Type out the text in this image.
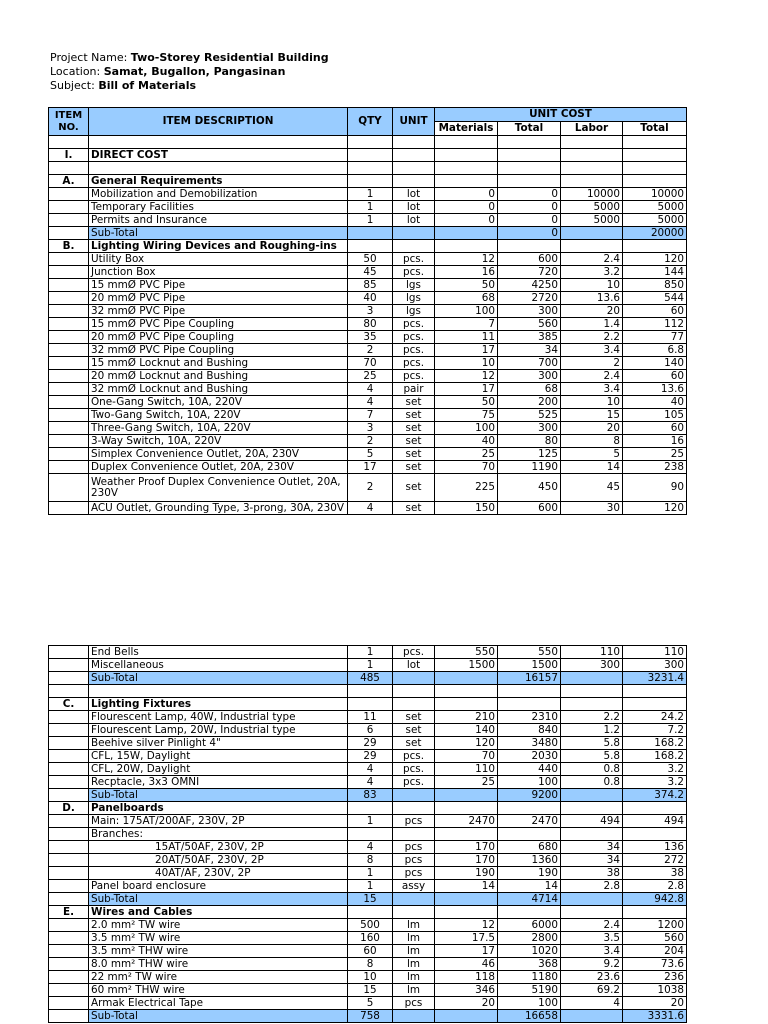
Project Name: Two-Storey Residential Building
Location: Samat, Bugallon, Pangasinan
Subject: Bill of Materials
ITEM NO.	ITEM DESCRIPTION	QTY	UNIT	UNIT COST			
				Materials	Total	Labor	Total

I.	DIRECT COST						

A.	General Requirements						
	Mobilization and Demobilization	1	lot	0	0	10000	10000
	Temporary Facilities	1	lot	0	0	5000	5000
	Permits and Insurance	1	lot	0	0	5000	5000
	Sub-Total				0		20000
B.	Lighting Wiring Devices and Roughing-ins						
	Utility Box	50	pcs.	12	600	2.4	120
	Junction Box	45	pcs.	16	720	3.2	144
	15 mmØ PVC Pipe	85	lgs	50	4250	10	850
	20 mmØ PVC Pipe	40	lgs	68	2720	13.6	544
	32 mmØ PVC Pipe	3	lgs	100	300	20	60
	15 mmØ PVC Pipe Coupling	80	pcs.	7	560	1.4	112
	20 mmØ PVC Pipe Coupling	35	pcs.	11	385	2.2	77
	32 mmØ PVC Pipe Coupling	2	pcs.	17	34	3.4	6.8
	15 mmØ Locknut and Bushing	70	pcs.	10	700	2	140
	20 mmØ Locknut and Bushing	25	pcs.	12	300	2.4	60
	32 mmØ Locknut and Bushing	4	pair	17	68	3.4	13.6
	One-Gang Switch, 10A, 220V	4	set	50	200	10	40
	Two-Gang Switch, 10A, 220V	7	set	75	525	15	105
	Three-Gang Switch, 10A, 220V	3	set	100	300	20	60
	3-Way Switch, 10A, 220V	2	set	40	80	8	16
	Simplex Convenience Outlet, 20A, 230V	5	set	25	125	5	25
	Duplex Convenience Outlet, 20A, 230V	17	set	70	1190	14	238
	Weather Proof Duplex Convenience Outlet, 20A, 230V	2	set	225	450	45	90
	ACU Outlet, Grounding Type, 3-prong, 30A, 230V	4	set	150	600	30	120
	End Bells	1	pcs.	550	550	110	110
	Miscellaneous	1	lot	1500	1500	300	300
	Sub-Total	485			16157		3231.4

C.	Lighting Fixtures						
	Flourescent Lamp, 40W, Industrial type	11	set	210	2310	2.2	24.2
	Flourescent Lamp, 20W, Industrial type	6	set	140	840	1.2	7.2
	Beehive silver Pinlight 4"	29	set	120	3480	5.8	168.2
	CFL, 15W, Daylight	29	pcs.	70	2030	5.8	168.2
	CFL, 20W, Daylight	4	pcs.	110	440	0.8	3.2
	Recptacle, 3x3 OMNI	4	pcs.	25	100	0.8	3.2
	Sub-Total	83			9200		374.2
D.	Panelboards						
	Main: 175AT/200AF, 230V, 2P	1	pcs	2470	2470	494	494
	Branches:						
	15AT/50AF, 230V, 2P	4	pcs	170	680	34	136
	20AT/50AF, 230V, 2P	8	pcs	170	1360	34	272
	40AT/AF, 230V, 2P	1	pcs	190	190	38	38
	Panel board enclosure	1	assy	14	14	2.8	2.8
	Sub-Total	15			4714		942.8
E.	Wires and Cables						
	2.0 mm² TW wire	500	lm	12	6000	2.4	1200
	3.5 mm² TW wire	160	lm	17.5	2800	3.5	560
	3.5 mm² THW wire	60	lm	17	1020	3.4	204
	8.0 mm² THW wire	8	lm	46	368	9.2	73.6
	22 mm² TW wire	10	lm	118	1180	23.6	236
	60 mm² THW wire	15	lm	346	5190	69.2	1038
	Armak Electrical Tape	5	pcs	20	100	4	20
	Sub-Total	758			16658		3331.6
